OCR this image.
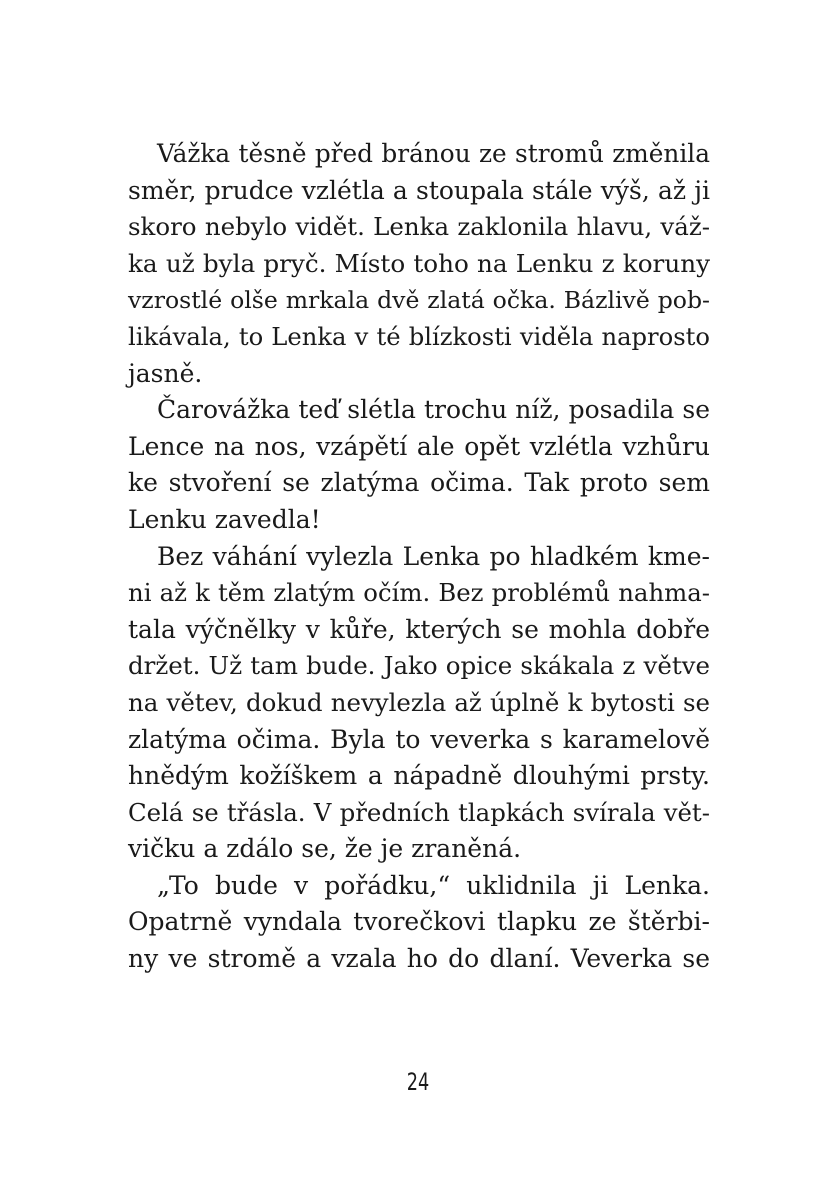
Vážka těsně před bránou ze stromů změnila
směr, prudce vzlétla a stoupala stále výš, až ji
skoro nebylo vidět. Lenka zaklonila hlavu, váž-
ka už byla pryč. Místo toho na Lenku z koruny
vzrostlé olše mrkala dvě zlatá očka. Bázlivě pob-
likávala, to Lenka v té blízkosti viděla naprosto
jasně.

Čarovážka teď slétla trochu níž, posadila se
Lence na nos, vzápětí ale opět vzlétla vzhůru
ke stvoření se zlatýma očima. Tak proto sem
Lenku zavedla!

Bez váhání vylezla Lenka po hladkém kme-
ni až k těm zlatým očím. Bez problémů nahma-
tala výčnělky v kůře, kterých se mohla dobře
držet. Už tam bude. Jako opice skákala z větve
na větev, dokud nevylezla až úplně k bytosti se
zlatýma očima. Byla to veverka s karamelově
hnědým kožíškem a nápadně dlouhými prsty.
Celá se třásla. V předních tlapkách svírala vět-
vičku a zdálo se, že je zraněná.

„To bude v pořádku,“ uklidnila ji Lenka.
Opatrně vyndala tvorečkovi tlapku ze štěrbi-
ny ve stromě a vzala ho do dlaní. Veverka se

24
